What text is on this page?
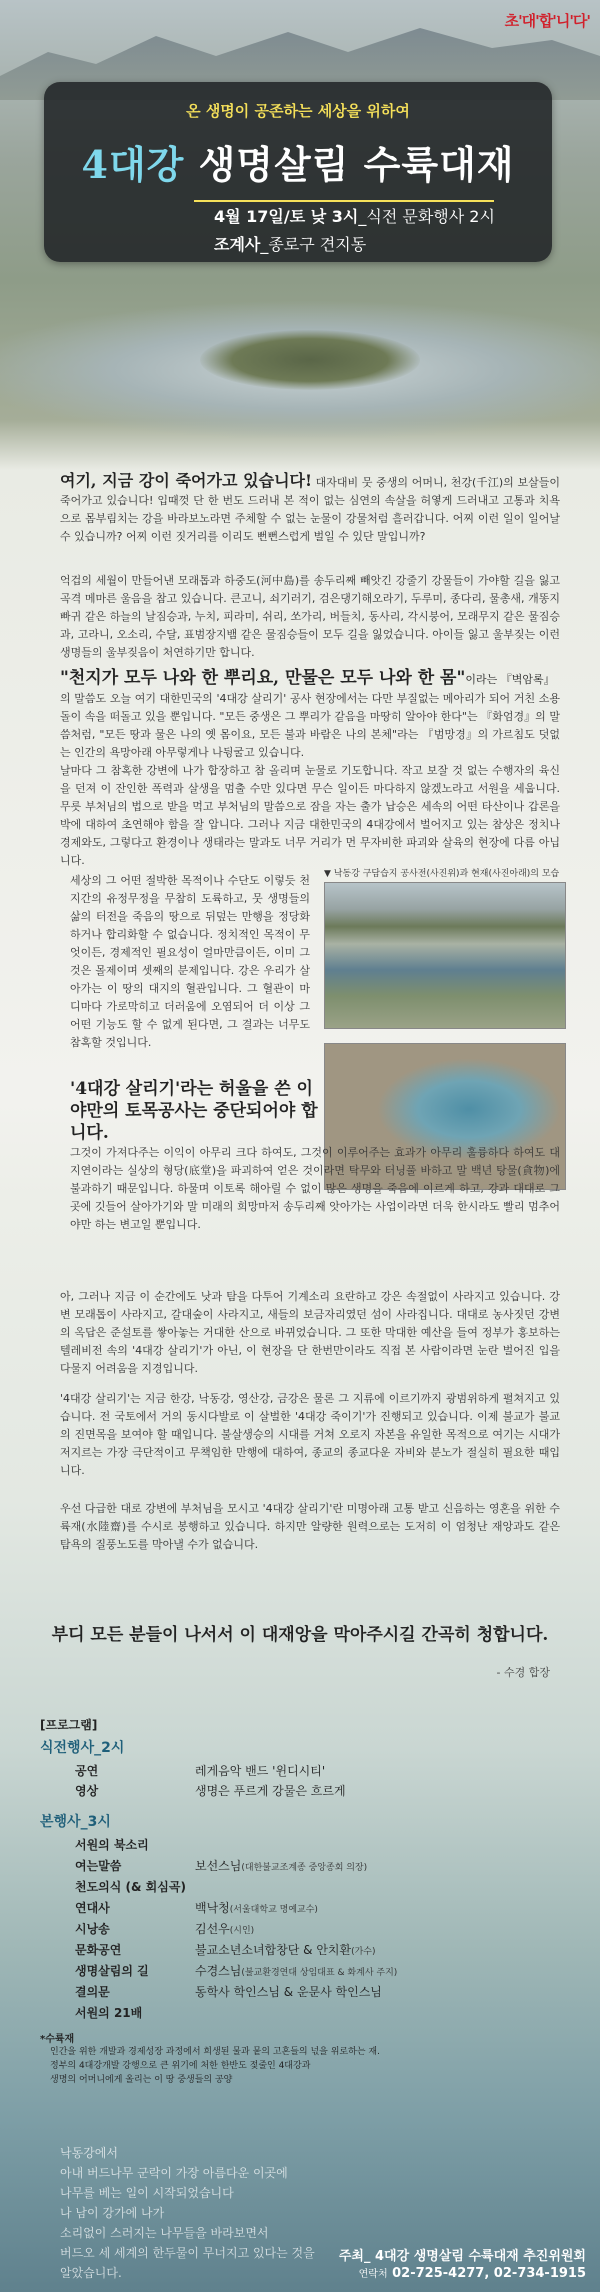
초'대'합'니'다'
온 생명이 공존하는 세상을 위하여
4대강 생명살림 수륙대재
4월 17일/토 낮 3시_식전 문화행사 2시
조계사_종로구 견지동
여기, 지금 강이 죽어가고 있습니다! 대자대비 뭇 중생의 어머니, 천강(千江)의 보살들이 죽어가고 있습니다! 입때껏 단 한 번도 드러내 본 적이 없는 심연의 속살을 허옇게 드러내고 고통과 치욕으로 몸부림치는 강을 바라보노라면 주체할 수 없는 눈물이 강물처럼 흘러갑니다. 어찌 이런 일이 일어날 수 있습니까? 어찌 이런 짓거리를 이리도 뻔뻔스럽게 벌일 수 있단 말입니까?
억겁의 세월이 만들어낸 모래톱과 하중도(河中島)를 송두리째 빼앗긴 강줄기 강물들이 가야할 길을 잃고 곡격 메마른 울음을 참고 있습니다. 큰고니, 쇠기러기, 검은댕기해오라기, 두루미, 종다리, 물총새, 개똥지빠귀 같은 하늘의 날짐승과, 누치, 피라미, 쉬리, 쏘가리, 버들치, 동사리, 각시붕어, 모래무지 같은 물짐승과, 고라니, 오소리, 수달, 표범장지뱀 같은 물짐승들이 모두 길을 잃었습니다. 아이들 잃고 울부짖는 이런 생명들의 울부짖음이 처연하기만 합니다.
"천지가 모두 나와 한 뿌리요, 만물은 모두 나와 한 몸"이라는 『벽암록』
의 말씀도 오늘 여기 대한민국의 '4대강 살리기' 공사 현장에서는 다만 부질없는 메아리가 되어 거친 소용돌이 속을 떠돌고 있을 뿐입니다. "모든 중생은 그 뿌리가 같음을 마땅히 알아야 한다"는 『화엄경』의 말씀처럼, "모든 땅과 물은 나의 옛 몸이요, 모든 불과 바람은 나의 본체"라는 『범망경』의 가르침도 덧없는 인간의 욕망아래 아무렇게나 나뒹굴고 있습니다.
날마다 그 참혹한 강변에 나가 합장하고 참 올리며 눈물로 기도합니다. 작고 보잘 것 없는 수행자의 육신을 던져 이 잔인한 폭력과 살생을 멈출 수만 있다면 무슨 일이든 마다하지 않겠노라고 서원을 세웁니다. 무릇 부처님의 법으로 받을 먹고 부처님의 말씀으로 잠을 자는 출가 납승은 세속의 어떤 타산이나 갑론을박에 대하여 초연해야 함을 잘 압니다. 그러나 지금 대한민국의 4대강에서 벌어지고 있는 참상은 정치나 경제와도, 그렇다고 환경이나 생태라는 말과도 너무 거리가 먼 무자비한 파괴와 살육의 현장에 다름 아닙니다.
세상의 그 어떤 절박한 목적이나 수단도 이렇듯 천지간의 유정무정을 무참히 도륙하고, 뭇 생명들의 삶의 터전을 죽음의 땅으로 뒤덮는 만행을 정당화하거나 합리화할 수 없습니다. 정치적인 목적이 무엇이든, 경제적인 필요성이 얼마만큼이든, 이미 그것은 몰제이며 셋째의 분제입니다. 강은 우리가 살아가는 이 땅의 대지의 혈관입니다. 그 혈관이 마디마다 가로막히고 더러움에 오염되어 더 이상 그 어떤 기능도 할 수 없게 된다면, 그 결과는 너무도 참혹할 것입니다.
▼ 낙동강 구담습지 공사전(사진위)과 현재(사진아래)의 모습
'4대강 살리기'라는 허울을 쓴 이 야만의 토목공사는 중단되어야 합니다.
그것이 가져다주는 이익이 아무리 크다 하여도, 그것이 이루어주는 효과가 아무리 훌륭하다 하여도 대지연이라는 실상의 형당(底堂)을 파괴하여 얻은 것이라면 탁무와 터닝풀 바하고 말 백년 탕물(貪物)에 불과하기 때문입니다. 하물며 이토록 해아릴 수 없이 많은 생명을 죽음에 이르게 하고, 강과 대대로 그곳에 깃들어 살아가기와 말 미래의 희망마저 송두리째 앗아가는 사업이라면 더욱 한시라도 빨리 멈추어야만 하는 변고일 뿐입니다.
아, 그러나 지금 이 순간에도 낫과 탐을 다투어 기계소리 요란하고 강은 속절없이 사라지고 있습니다. 강변 모래톱이 사라지고, 갈대숲이 사라지고, 새들의 보금자리였던 섬이 사라집니다. 대대로 농사짓던 강변의 옥답은 준설토를 쌓아놓는 거대한 산으로 바뀌었습니다. 그 또한 막대한 예산을 들여 정부가 홍보하는 텔레비전 속의 '4대강 살리기'가 아닌, 이 현장을 단 한번만이라도 직접 본 사람이라면 눈란 벌어진 입을 다물지 어려움을 지경입니다.
'4대강 살리기'는 지금 한강, 낙동강, 영산강, 금강은 물론 그 지류에 이르기까지 광범위하게 펼쳐지고 있습니다. 전 국토에서 거의 동시다발로 이 살벌한 '4대강 죽이기'가 진행되고 있습니다. 이제 불교가 불교의 진면목을 보여야 할 때입니다. 불살생승의 시대를 거쳐 오로지 자본을 유일한 목적으로 여기는 시대가 저지르는 가장 극단적이고 무책임한 만행에 대하여, 종교의 종교다운 자비와 분노가 절실히 필요한 때입니다.
우선 다급한 대로 강변에 부처님을 모시고 '4대강 살리기'란 미명아래 고통 받고 신음하는 영혼을 위한 수륙재(水陸齋)를 수시로 봉행하고 있습니다. 하지만 알량한 원력으로는 도저히 이 엄청난 재앙과도 같은 탐욕의 질풍노도를 막아낼 수가 없습니다.
부디 모든 분들이 나서서 이 대재앙을 막아주시길 간곡히 청합니다.
- 수경 합장
[프로그램]
식전행사_2시
공연	레게음악 밴드 '윈디시티'
영상	생명은 푸르게 강물은 흐르게
본행사_3시
서원의 북소리
여는말씀	보선스님(대한불교조계종 중앙종회 의장)
천도의식 (& 회심곡)
연대사	백낙청(서울대학교 명예교수)
시낭송	김선우(시인)
문화공연	불교소년소녀합창단 & 안치환(가수)
생명살림의 길	수경스님(불교환경연대 상임대표 & 화계사 주지)
결의문	동학사 학인스님 & 운문사 학인스님
서원의 21배
*수륙재
인간을 위한 개발과 경제성장 과정에서 희생된 물과 뭍의 고혼들의 넋을 위로하는 재.
정부의 4대강개발 강행으로 큰 위기에 처한 한반도 젖줄인 4대강과
생명의 어머니에게 올리는 이 땅 중생들의 공양
낙동강에서
아내 버드나무 군락이 가장 아름다운 이곳에
나무를 베는 일이 시작되었습니다
나 남이 강가에 나가
소리없이 스러지는 나무들을 바라보면서
버드오 세 세계의 한두물이 무너지고 있다는 것을
알았습니다.
주최_ 4대강 생명살림 수륙대재 추진위원회
연락처 02-725-4277, 02-734-1915
